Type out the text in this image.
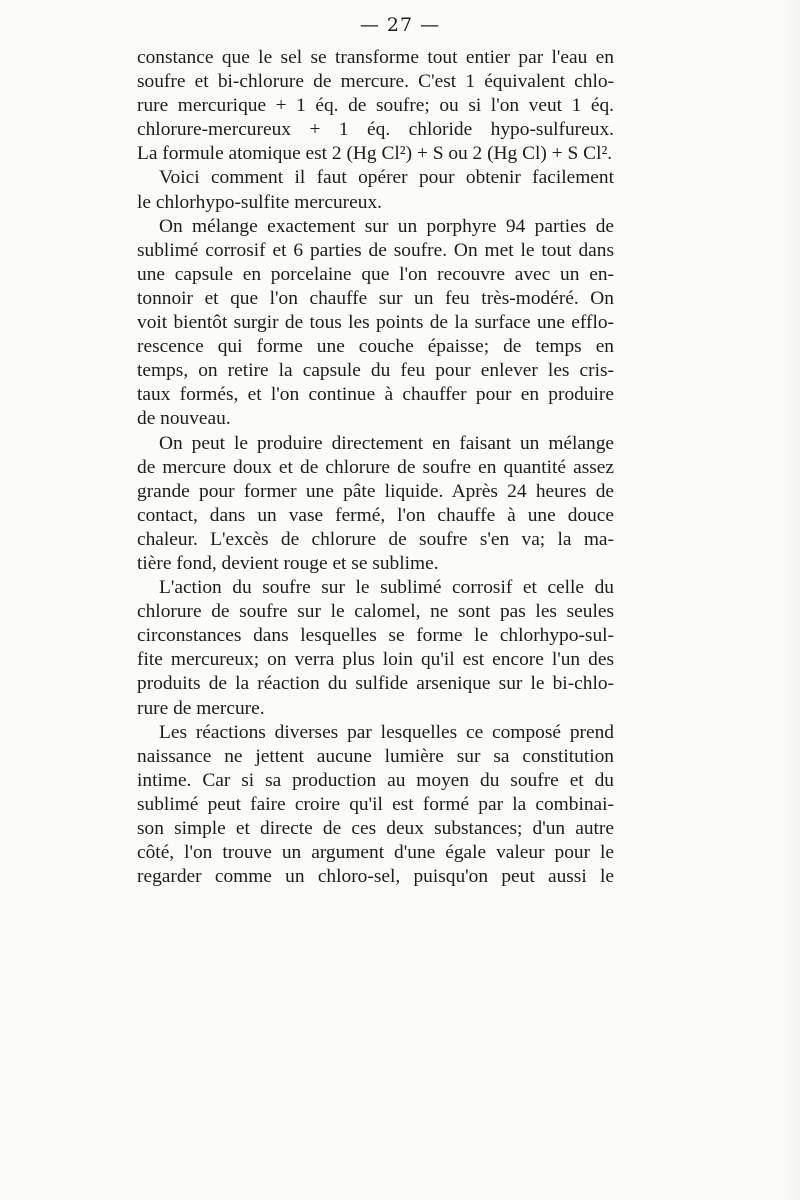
— 27 —
constance que le sel se transforme tout entier par l'eau en
soufre et bi-chlorure de mercure. C'est 1 équivalent chlo-
rure mercurique + 1 éq. de soufre; ou si l'on veut 1 éq.
chlorure-mercureux + 1 éq. chloride hypo-sulfureux.
La formule atomique est 2 (Hg Cl²) + S ou 2 (Hg Cl) + S Cl².
Voici comment il faut opérer pour obtenir facilement
le chlorhypo-sulfite mercureux.
On mélange exactement sur un porphyre 94 parties de
sublimé corrosif et 6 parties de soufre. On met le tout dans
une capsule en porcelaine que l'on recouvre avec un en-
tonnoir et que l'on chauffe sur un feu très-modéré. On
voit bientôt surgir de tous les points de la surface une efflo-
rescence qui forme une couche épaisse; de temps en
temps, on retire la capsule du feu pour enlever les cris-
taux formés, et l'on continue à chauffer pour en produire
de nouveau.
On peut le produire directement en faisant un mélange
de mercure doux et de chlorure de soufre en quantité assez
grande pour former une pâte liquide. Après 24 heures de
contact, dans un vase fermé, l'on chauffe à une douce
chaleur. L'excès de chlorure de soufre s'en va; la ma-
tière fond, devient rouge et se sublime.
L'action du soufre sur le sublimé corrosif et celle du
chlorure de soufre sur le calomel, ne sont pas les seules
circonstances dans lesquelles se forme le chlorhypo-sul-
fite mercureux; on verra plus loin qu'il est encore l'un des
produits de la réaction du sulfide arsenique sur le bi-chlo-
rure de mercure.
Les réactions diverses par lesquelles ce composé prend
naissance ne jettent aucune lumière sur sa constitution
intime. Car si sa production au moyen du soufre et du
sublimé peut faire croire qu'il est formé par la combinai-
son simple et directe de ces deux substances; d'un autre
côté, l'on trouve un argument d'une égale valeur pour le
regarder comme un chloro-sel, puisqu'on peut aussi le
